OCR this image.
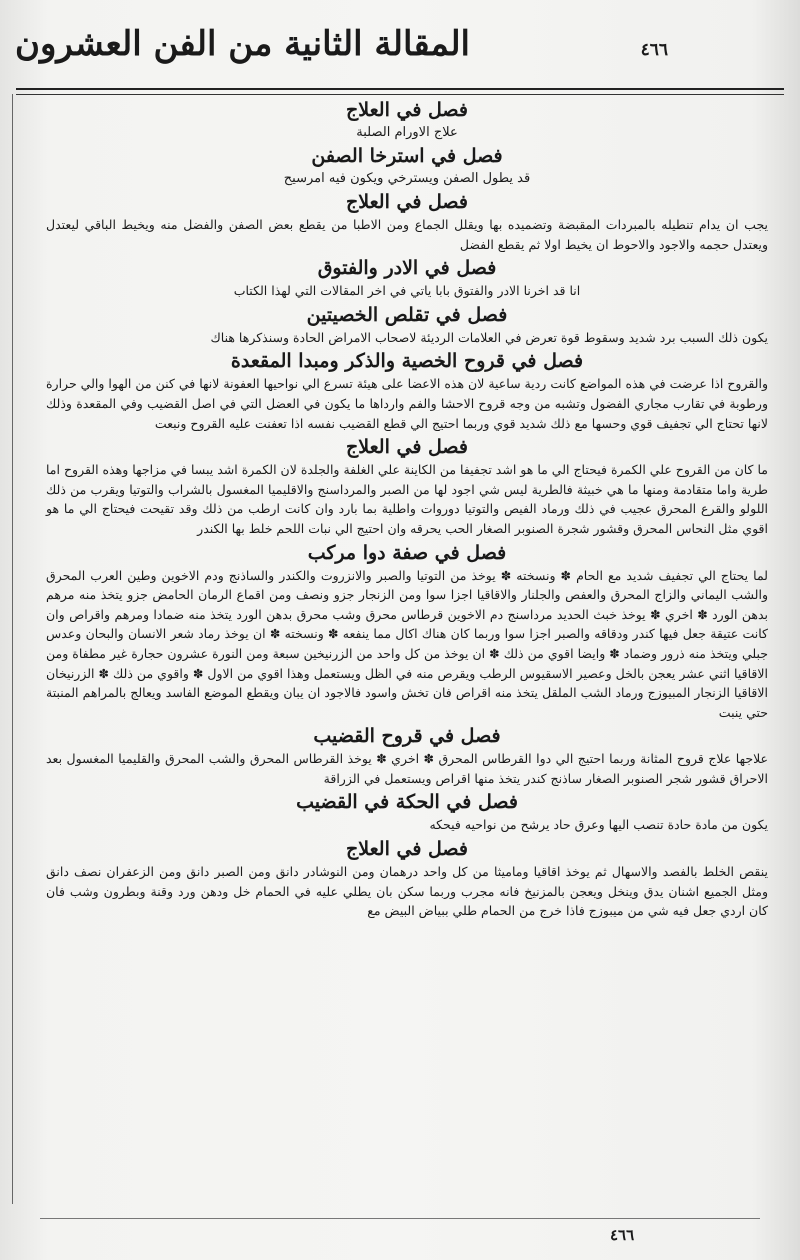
٤٦٦
المقالة الثانية من الفن العشرون
فصل في العلاج

علاج الاورام الصلبة

فصل في استرخا الصفن

قد يطول الصفن ويسترخي ويكون فيه امرسيح

فصل في العلاج

يجب ان يدام تنطيله بالمبردات المقبضة وتضميده بها ويقلل الجماع ومن الاطبا من يقطع بعض الصفن والفضل منه ويخيط الباقي ليعتدل ويعتدل حجمه والاجود والاحوط ان يخيط اولا ثم يقطع الفضل

فصل في الادر والفتوق

انا قد اخرنا الادر والفتوق بابا ياتي في اخر المقالات التي لهذا الكتاب

فصل في تقلص الخصيتين

يكون ذلك السبب برد شديد وسقوط قوة تعرض في العلامات الرديئة لاصحاب الامراض الحادة وسنذكرها هناك

فصل في قروح الخصية والذكر ومبدا المقعدة

والقروح اذا عرضت في هذه المواضع كانت ردية ساعية لان هذه الاعضا على هيئة تسرع الي نواحيها العفونة لانها في كنن من الهوا والي حرارة ورطوبة في تقارب مجاري الفضول وتشبه من وجه قروح الاحشا والفم وارداها ما يكون في العضل التي في اصل القضيب وفي المقعدة وذلك لانها تحتاج الي تجفيف قوي وحسها مع ذلك شديد قوي وربما احتيج الي قطع القضيب نفسه اذا تعفنت عليه القروح ونبعت

فصل في العلاج

ما كان من القروح علي الكمرة فيحتاج الي ما هو اشد تجفيفا من الكاينة علي الغلفة والجلدة لان الكمرة اشد يبسا في مزاجها وهذه القروح اما طرية واما متقادمة ومنها ما هي خبيثة فالطرية ليس شي اجود لها من الصبر والمرداسنج والاقليميا المغسول بالشراب والتوتيا ويقرب من ذلك اللولو والقرع المحرق عجيب في ذلك ورماد الفيص والتوتيا دوروات واطلية بما بارد وان كانت ارطب من ذلك وقد تقيحت فيحتاج الي ما هو اقوي مثل النحاس المحرق وقشور شجرة الصنوبر الصغار الحب يحرقه وان احتيج الي نبات اللحم خلط بها الكندر

فصل في صفة دوا مركب

لما يحتاج الي تجفيف شديد مع الحام ✽ ونسخته ✽ يوخذ من التوتيا والصبر والانزروت والكندر والساذنج ودم الاخوين وطين العرب المحرق والشب اليماني والزاج المحرق والعفص والجلنار والاقاقيا اجزا سوا ومن الزنجار جزو ونصف ومن اقماع الرمان الحامض جزو يتخذ منه مرهم بدهن الورد ✽ اخري ✽ يوخذ خبث الحديد مرداسنج دم الاخوين قرطاس محرق وشب محرق بدهن الورد يتخذ منه ضمادا ومرهم واقراص وان كانت عتيقة جعل فيها كندر ودقاقه والصبر اجزا سوا وربما كان هناك اكال مما ينفعه ✽ ونسخته ✽ ان يوخذ رماد شعر الانسان والبحان وعدس جبلي ويتخذ منه ذرور وضماد ✽ وايضا اقوي من ذلك ✽ ان يوخذ من كل واحد من الزرنيخين سبعة ومن النورة عشرون حجارة غير مطفاة ومن الاقاقيا اثني عشر يعجن بالخل وعصير الاسقيوس الرطب ويقرص منه في الظل ويستعمل وهذا اقوي من الاول ✽ واقوي من ذلك ✽ الزرنيخان الاقاقيا الزنجار المبيوزج ورماد الشب الملقل يتخذ منه اقراص فان تخش واسود فالاجود ان يبان ويقطع الموضع الفاسد ويعالج بالمراهم المنبتة حتي ينبت

فصل في قروح القضيب

علاجها علاج قروح المثانة وربما احتيج الي دوا القرطاس المحرق ✽ اخري ✽ يوخذ القرطاس المحرق والشب المحرق والقليميا المغسول بعد الاحراق قشور شجر الصنوبر الصغار ساذنج كندر يتخذ منها اقراص ويستعمل في الزراقة

فصل في الحكة في القضيب

يكون من مادة حادة تنصب اليها وعرق حاد يرشح من نواحيه فيحكه

فصل في العلاج

ينقص الخلط بالفصد والاسهال ثم يوخذ اقاقيا وماميثا من كل واحد درهمان ومن النوشادر دانق ومن الصبر دانق ومن الزعفران نصف دانق ومثل الجميع اشنان يدق وينخل ويعجن بالمزنيخ فانه مجرب وربما سكن بان يطلي عليه في الحمام خل ودهن ورد وقنة وبطرون وشب فان كان اردي جعل فيه شي من ميبوزج فاذا خرج من الحمام طلي ببياض البيض مع

٤٦٦
